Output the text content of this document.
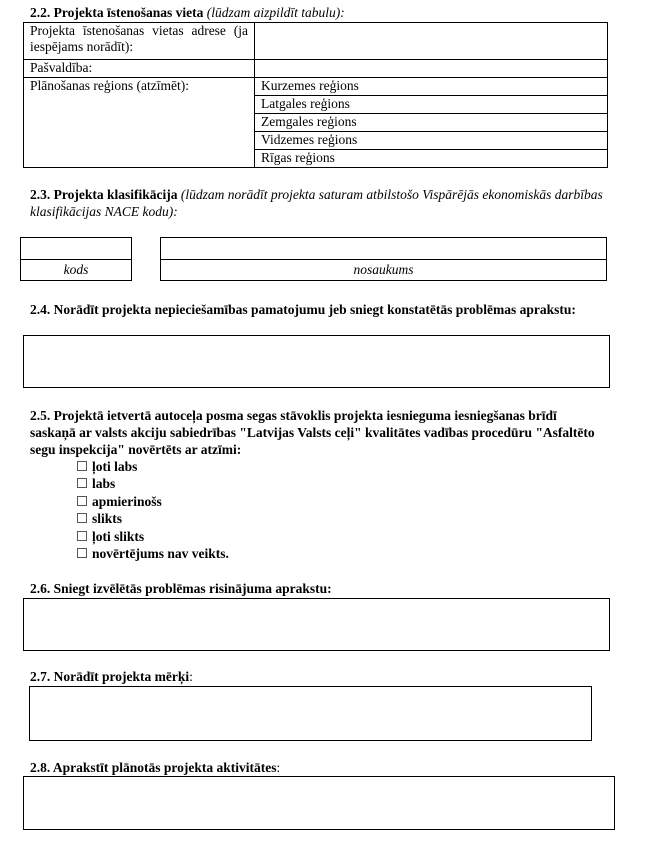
2.2. Projekta īstenošanas vieta (lūdzam aizpildīt tabulu):
Projekta īstenošanas vietas adrese (ja iespējams norādīt):	
Pašvaldība:	
Plānošanas reģions (atzīmēt):	Kurzemes reģions
	Latgales reģions
	Zemgales reģions
	Vidzemes reģions
	Rīgas reģions
2.3. Projekta klasifikācija (lūdzam norādīt projekta saturam atbilstošo Vispārējās ekonomiskās darbības klasifikācijas NACE kodu):
kods	nosaukums
2.4. Norādīt projekta nepieciešamības pamatojumu jeb sniegt konstatētās problēmas aprakstu:
2.5. Projektā ietvertā autoceļa posma segas stāvoklis projekta iesnieguma iesniegšanas brīdī saskaņā ar valsts akciju sabiedrības "Latvijas Valsts ceļi" kvalitātes vadības procedūru "Asfaltēto segu inspekcija" novērtēts ar atzīmi:
ļoti labs
labs
apmierinošs
slikts
ļoti slikts
novērtējums nav veikts.
2.6. Sniegt izvēlētās problēmas risinājuma aprakstu:
2.7. Norādīt projekta mērķi:
2.8. Aprakstīt plānotās projekta aktivitātes:
